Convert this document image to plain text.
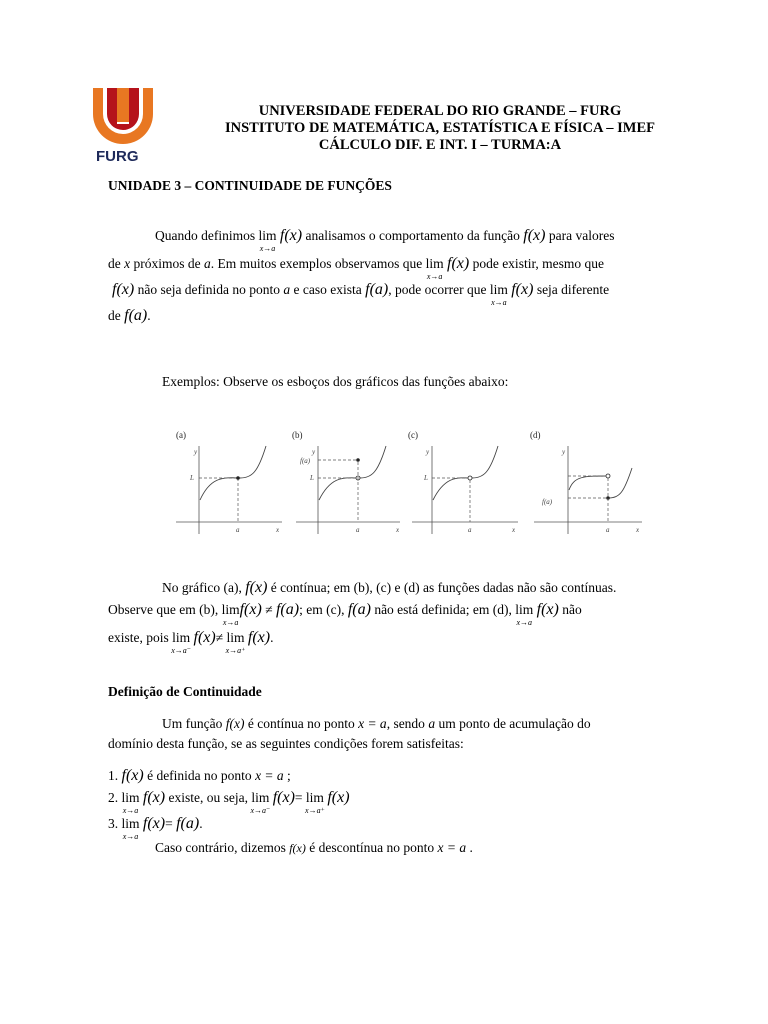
FURG
UNIVERSIDADE FEDERAL DO RIO GRANDE – FURG
INSTITUTO DE MATEMÁTICA, ESTATÍSTICA E FÍSICA – IMEF
CÁLCULO DIF. E INT. I – TURMA:A
UNIDADE 3 – CONTINUIDADE DE FUNÇÕES
Quando definimos lim
x→a
f(x) analisamos o comportamento da função f(x) para valores
de x próximos de a. Em muitos exemplos observamos que lim
x→a
f(x) pode existir, mesmo que
f(x) não seja definida no ponto a e caso exista f(a), pode ocorrer que lim
x→a
f(x) seja diferente
de f(a).
Exemplos: Observe os esboços dos gráficos das funções abaixo:
(a)
y
x
L
a
(b)
y
x
f(a)
L
a
(c)
y
x
L
a
(d)
y
x
f(a)
a
No gráfico (a), f(x) é contínua; em (b), (c) e (d) as funções dadas não são contínuas.
Observe que em (b), lim
x→a
f(x) ≠ f(a); em (c), f(a) não está definida; em (d), lim
x→a
f(x) não
existe, pois lim
x→a⁻
f(x)≠ lim
x→a⁺
f(x).
Definição de Continuidade
Um função f(x) é contínua no ponto x = a, sendo a um ponto de acumulação do
domínio desta função, se as seguintes condições forem satisfeitas:
1. f(x) é definida no ponto x = a ;
2. lim
x→a
f(x) existe, ou seja, lim
x→a⁻
f(x)= lim
x→a⁺
f(x)
3. lim
x→a
f(x)= f(a).
Caso contrário, dizemos f(x) é descontínua no ponto x = a .
